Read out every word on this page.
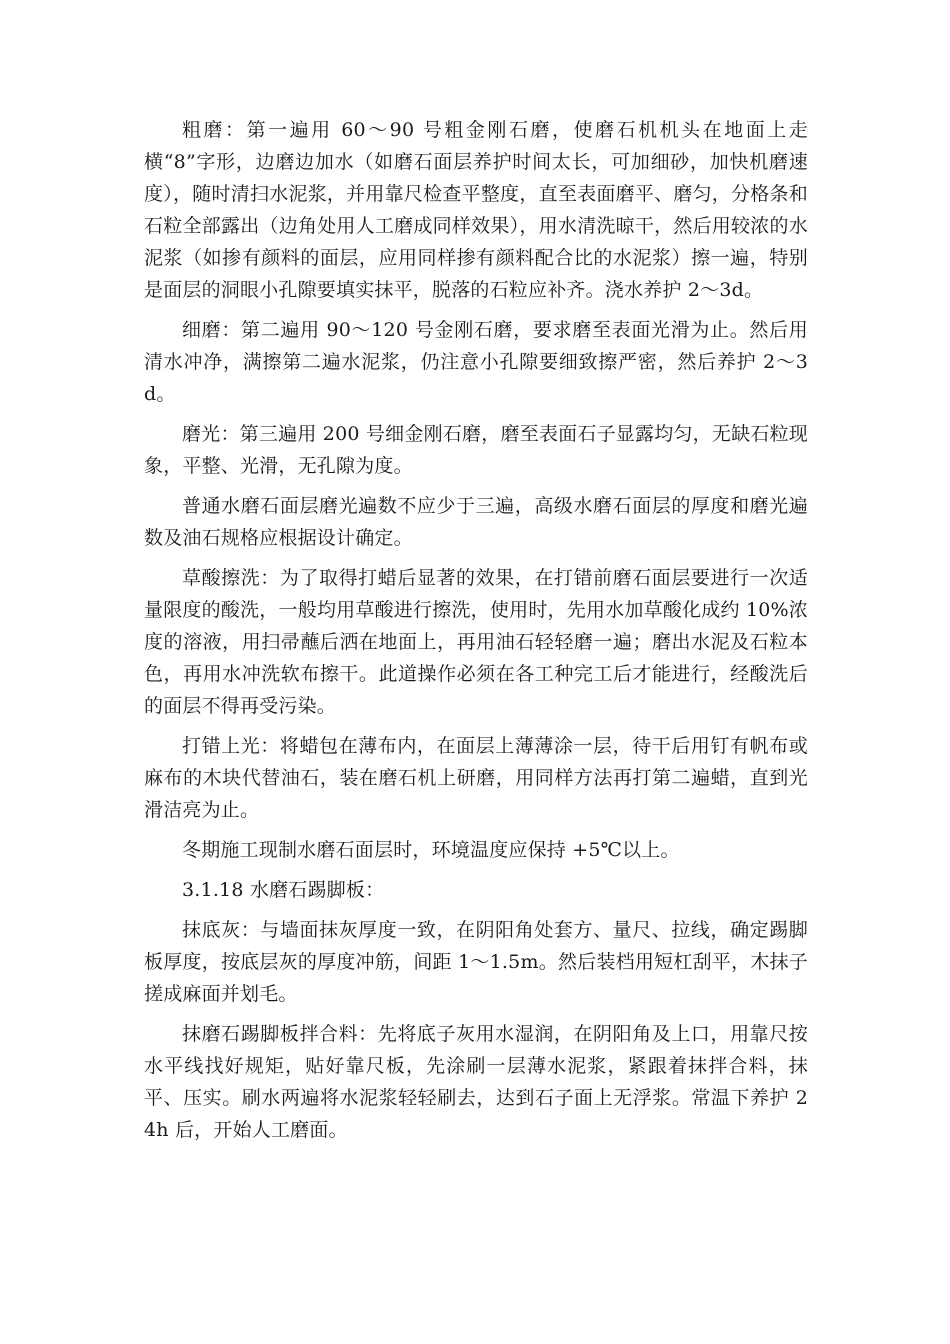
粗磨：第一遍用 60～90 号粗金刚石磨，使磨石机机头在地面上走横“8”字形，边磨边加水（如磨石面层养护时间太长，可加细砂，加快机磨速度），随时清扫水泥浆，并用靠尺检查平整度，直至表面磨平、磨匀，分格条和石粒全部露出（边角处用人工磨成同样效果），用水清洗晾干，然后用较浓的水泥浆（如掺有颜料的面层，应用同样掺有颜料配合比的水泥浆）擦一遍，特别是面层的洞眼小孔隙要填实抹平，脱落的石粒应补齐。浇水养护 2～3d。

细磨：第二遍用 90～120 号金刚石磨，要求磨至表面光滑为止。然后用清水冲净，满擦第二遍水泥浆，仍注意小孔隙要细致擦严密，然后养护 2～3d。

磨光：第三遍用 200 号细金刚石磨，磨至表面石子显露均匀，无缺石粒现象，平整、光滑，无孔隙为度。

普通水磨石面层磨光遍数不应少于三遍，高级水磨石面层的厚度和磨光遍数及油石规格应根据设计确定。

草酸擦洗：为了取得打蜡后显著的效果，在打错前磨石面层要进行一次适量限度的酸洗，一般均用草酸进行擦洗，使用时，先用水加草酸化成约 10%浓度的溶液，用扫帚蘸后洒在地面上，再用油石轻轻磨一遍；磨出水泥及石粒本色，再用水冲洗软布擦干。此道操作必须在各工种完工后才能进行，经酸洗后的面层不得再受污染。

打错上光：将蜡包在薄布内，在面层上薄薄涂一层，待干后用钉有帆布或麻布的木块代替油石，装在磨石机上研磨，用同样方法再打第二遍蜡，直到光滑洁亮为止。

冬期施工现制水磨石面层时，环境温度应保持 +5℃以上。

3.1.18 水磨石踢脚板：

抹底灰：与墙面抹灰厚度一致，在阴阳角处套方、量尺、拉线，确定踢脚板厚度，按底层灰的厚度冲筋，间距 1～1.5m。然后装档用短杠刮平，木抹子搓成麻面并划毛。

抹磨石踢脚板拌合料：先将底子灰用水湿润，在阴阳角及上口，用靠尺按水平线找好规矩，贴好靠尺板，先涂刷一层薄水泥浆，紧跟着抹拌合料，抹平、压实。刷水两遍将水泥浆轻轻刷去，达到石子面上无浮浆。常温下养护 24h 后，开始人工磨面。
